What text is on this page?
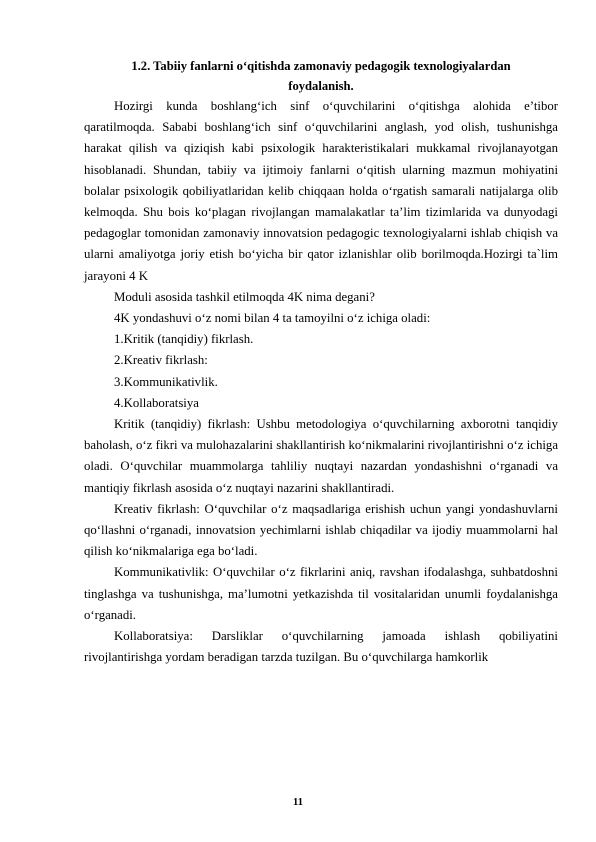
1.2. Tabiiy fanlarni o‘qitishda zamonaviy pedagogik texnologiyalardan

foydalanish.

Hozirgi kunda boshlang‘ich sinf o‘quvchilarini o‘qitishga alohida e’tibor qaratilmoqda. Sababi boshlang‘ich sinf o‘quvchilarini anglash, yod olish, tushunishga harakat qilish va qiziqish kabi psixologik harakteristikalari mukkamal rivojlanayotgan hisoblanadi. Shundan, tabiiy va ijtimoiy fanlarni o‘qitish ularning mazmun mohiyatini bolalar psixologik qobiliyatlaridan kelib chiqqaan holda o‘rgatish samarali natijalarga olib kelmoqda. Shu bois ko‘plagan rivojlangan mamalakatlar ta’lim tizimlarida va dunyodagi pedagoglar tomonidan zamonaviy innovatsion pedagogic texnologiyalarni ishlab chiqish va ularni amaliyotga joriy etish bo‘yicha bir qator izlanishlar olib borilmoqda.Hozirgi ta`lim jarayoni 4 K

Moduli asosida tashkil etilmoqda 4K nima degani?

4K yondashuvi o‘z nomi bilan 4 ta tamoyilni o‘z ichiga oladi:

1.Kritik (tanqidiy) fikrlash.

2.Kreativ fikrlash:

3.Kommunikativlik.

4.Kollaboratsiya

Kritik (tanqidiy) fikrlash: Ushbu metodologiya o‘quvchilarning axborotni tanqidiy baholash, o‘z fikri va mulohazalarini shakllantirish ko‘nikmalarini rivojlantirishni o‘z ichiga oladi. O‘quvchilar muammolarga tahliliy nuqtayi nazardan yondashishni o‘rganadi va mantiqiy fikrlash asosida o‘z nuqtayi nazarini shakllantiradi.

Kreativ fikrlash: O‘quvchilar o‘z maqsadlariga erishish uchun yangi yondashuvlarni qo‘llashni o‘rganadi, innovatsion yechimlarni ishlab chiqadilar va ijodiy muammolarni hal qilish ko‘nikmalariga ega bo‘ladi.

Kommunikativlik: O‘quvchilar o‘z fikrlarini aniq, ravshan ifodalashga, suhbatdoshni tinglashga va tushunishga, ma’lumotni yetkazishda til vositalaridan unumli foydalanishga o‘rganadi.

Kollaboratsiya: Darsliklar o‘quvchilarning jamoada ishlash qobiliyatini rivojlantirishga yordam beradigan tarzda tuzilgan. Bu o‘quvchilarga hamkorlik

11
